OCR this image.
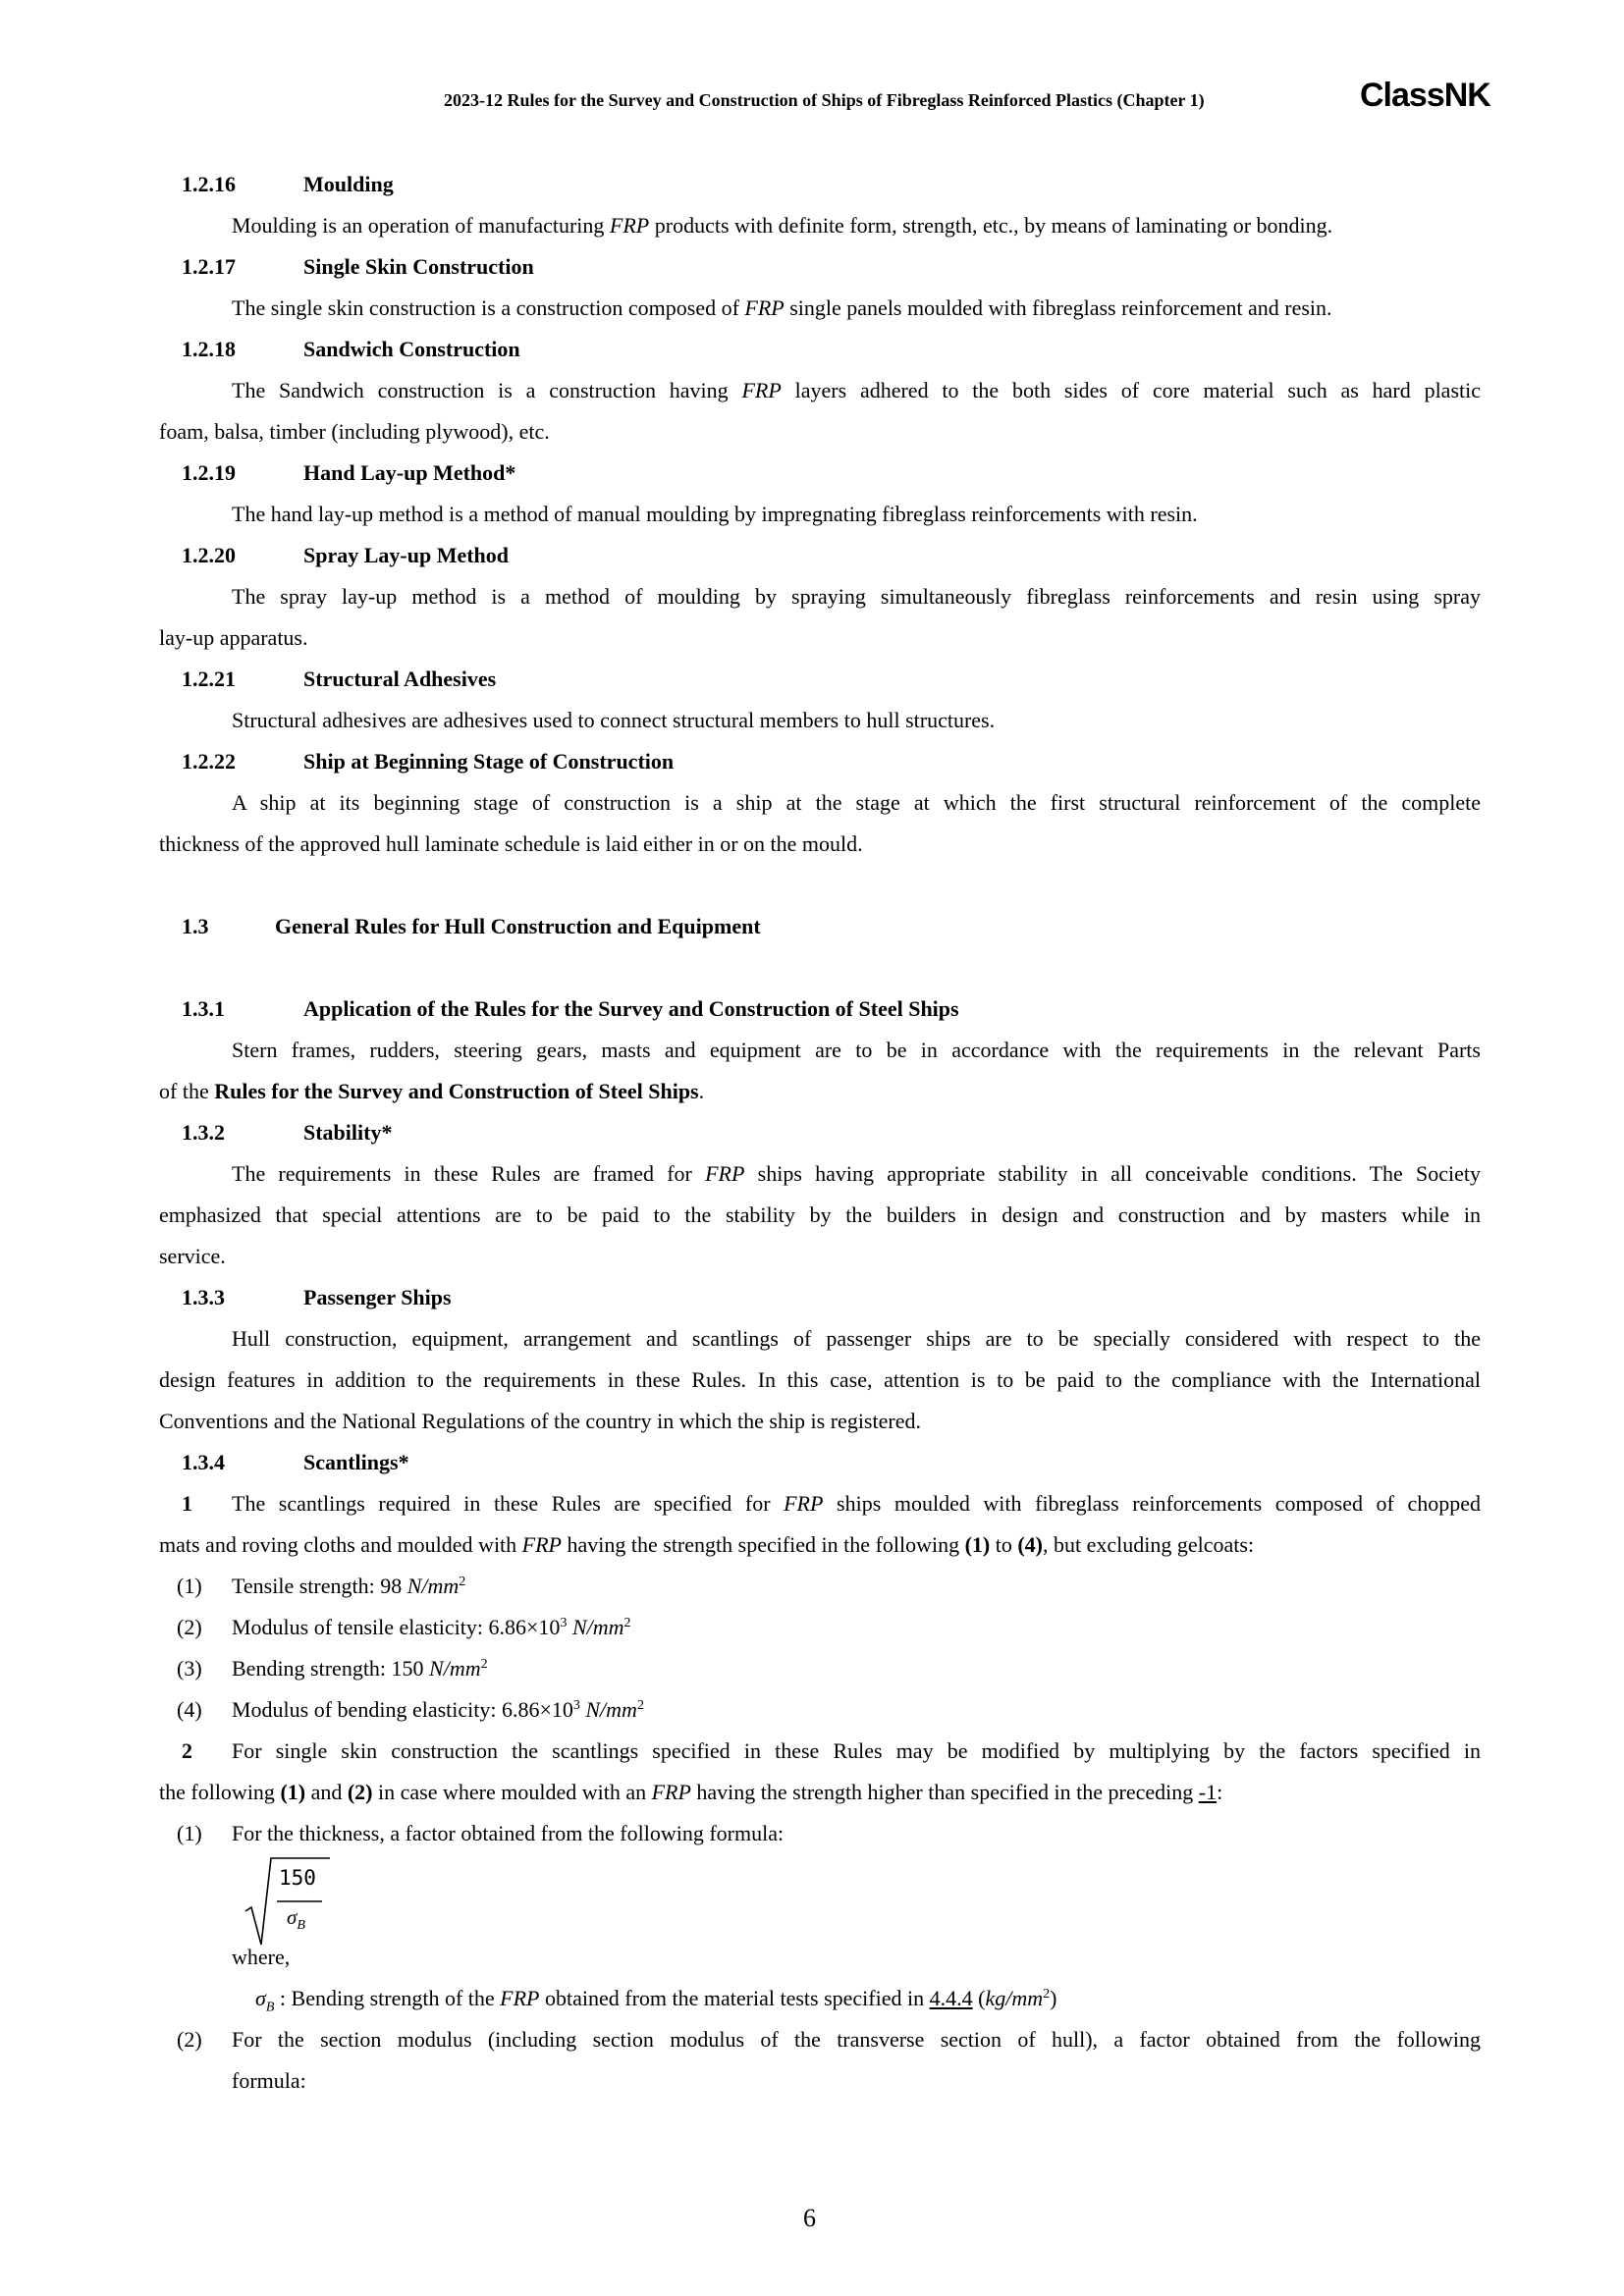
2023-12 Rules for the Survey and Construction of Ships of Fibreglass Reinforced Plastics (Chapter 1)	ClassNK
1.2.16	Moulding
Moulding is an operation of manufacturing FRP products with definite form, strength, etc., by means of laminating or bonding.
1.2.17	Single Skin Construction
The single skin construction is a construction composed of FRP single panels moulded with fibreglass reinforcement and resin.
1.2.18	Sandwich Construction
The Sandwich construction is a construction having FRP layers adhered to the both sides of core material such as hard plastic
foam, balsa, timber (including plywood), etc.
1.2.19	Hand Lay-up Method*
The hand lay-up method is a method of manual moulding by impregnating fibreglass reinforcements with resin.
1.2.20	Spray Lay-up Method
The spray lay-up method is a method of moulding by spraying simultaneously fibreglass reinforcements and resin using spray
lay-up apparatus.
1.2.21	Structural Adhesives
Structural adhesives are adhesives used to connect structural members to hull structures.
1.2.22	Ship at Beginning Stage of Construction
A ship at its beginning stage of construction is a ship at the stage at which the first structural reinforcement of the complete
thickness of the approved hull laminate schedule is laid either in or on the mould.
1.3	General Rules for Hull Construction and Equipment
1.3.1	Application of the Rules for the Survey and Construction of Steel Ships
Stern frames, rudders, steering gears, masts and equipment are to be in accordance with the requirements in the relevant Parts
of the Rules for the Survey and Construction of Steel Ships.
1.3.2	Stability*
The requirements in these Rules are framed for FRP ships having appropriate stability in all conceivable conditions. The Society
emphasized that special attentions are to be paid to the stability by the builders in design and construction and by masters while in
service.
1.3.3	Passenger Ships
Hull construction, equipment, arrangement and scantlings of passenger ships are to be specially considered with respect to the
design features in addition to the requirements in these Rules. In this case, attention is to be paid to the compliance with the International
Conventions and the National Regulations of the country in which the ship is registered.
1.3.4	Scantlings*
1 The scantlings required in these Rules are specified for FRP ships moulded with fibreglass reinforcements composed of chopped
mats and roving cloths and moulded with FRP having the strength specified in the following (1) to (4), but excluding gelcoats:
(1) Tensile strength: 98 $N/mm^2$
(2) Modulus of tensile elasticity: $6.86\times 10^3$ $N/mm^2$
(3) Bending strength: 150 $N/mm^2$
(4) Modulus of bending elasticity: $6.86\times 10^3$ $N/mm^2$
2 For single skin construction the scantlings specified in these Rules may be modified by multiplying by the factors specified in
the following (1) and (2) in case where moulded with an FRP having the strength higher than specified in the preceding -1:
(1) For the thickness, a factor obtained from the following formula:
150
$\sigma_B$
where,
$\sigma_B$ : Bending strength of the FRP obtained from the material tests specified in 4.4.4 $(kg/mm^2)$
(2) For the section modulus (including section modulus of the transverse section of hull), a factor obtained from the following
formula:
6
